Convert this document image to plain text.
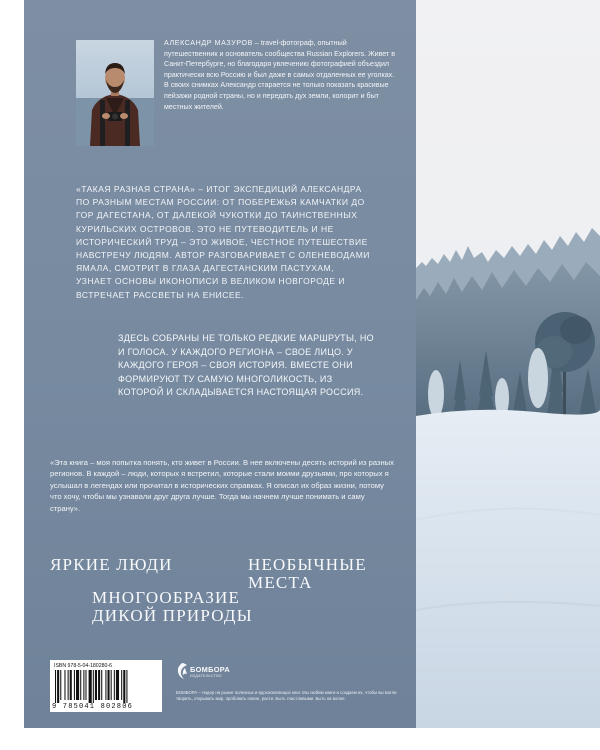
АЛЕКСАНДР МАЗУРОВ – travel-фотограф, опытный путешественник и основатель сообщества Russian Explorers. Живет в Санкт-Петербурге, но благодаря увлечению фотографией объездил практически всю Россию и был даже в самых отдаленных ее уголках. В своих снимках Александр старается не только показать красивые пейзажи родной страны, но и передать дух земли, колорит и быт местных жителей.
«ТАКАЯ РАЗНАЯ СТРАНА» – ИТОГ ЭКСПЕДИЦИЙ АЛЕКСАНДРА ПО РАЗНЫМ МЕСТАМ РОССИИ: ОТ ПОБЕРЕЖЬЯ КАМЧАТКИ ДО ГОР ДАГЕСТАНА, ОТ ДАЛЕКОЙ ЧУКОТКИ ДО ТАИНСТВЕННЫХ КУРИЛЬСКИХ ОСТРОВОВ. ЭТО НЕ ПУТЕВОДИТЕЛЬ И НЕ ИСТОРИЧЕСКИЙ ТРУД – ЭТО ЖИВОЕ, ЧЕСТНОЕ ПУТЕШЕСТВИЕ НАВСТРЕЧУ ЛЮДЯМ. АВТОР РАЗГОВАРИВАЕТ С ОЛЕНЕВОДАМИ ЯМАЛА, СМОТРИТ В ГЛАЗА ДАГЕСТАНСКИМ ПАСТУХАМ, УЗНАЕТ ОСНОВЫ ИКОНОПИСИ В ВЕЛИКОМ НОВГОРОДЕ И ВСТРЕЧАЕТ РАССВЕТЫ НА ЕНИСЕЕ.
ЗДЕСЬ СОБРАНЫ НЕ ТОЛЬКО РЕДКИЕ МАРШРУТЫ, НО И ГОЛОСА. У КАЖДОГО РЕГИОНА – СВОЕ ЛИЦО. У КАЖДОГО ГЕРОЯ – СВОЯ ИСТОРИЯ. ВМЕСТЕ ОНИ ФОРМИРУЮТ ТУ САМУЮ МНОГОЛИКОСТЬ, ИЗ КОТОРОЙ И СКЛАДЫВАЕТСЯ НАСТОЯЩАЯ РОССИЯ.
«Эта книга – моя попытка понять, кто живет в России. В нее включены десять историй из разных регионов. В каждой – люди, которых я встретил, которые стали моими друзьями, про которых я услышал в легендах или прочитал в исторических справках. Я описал их образ жизни, потому что хочу, чтобы мы узнавали друг друга лучше. Тогда мы начнем лучше понимать и саму страну».
ЯРКИЕ ЛЮДИ	НЕОБЫЧНЫЕ МЕСТА
МНОГООБРАЗИЕ ДИКОЙ ПРИРОДЫ
ISBN 978-5-04-180280-6
9 785041 802806
БОМБОРА
ИЗДАТЕЛЬСТВО
БОМБОРА – лидер на рынке полезных и вдохновляющих книг. Мы любим книги и создаем их, чтобы вы могли творить, открывать мир, пробовать новое, расти. Быть счастливыми. Быть на волне.
